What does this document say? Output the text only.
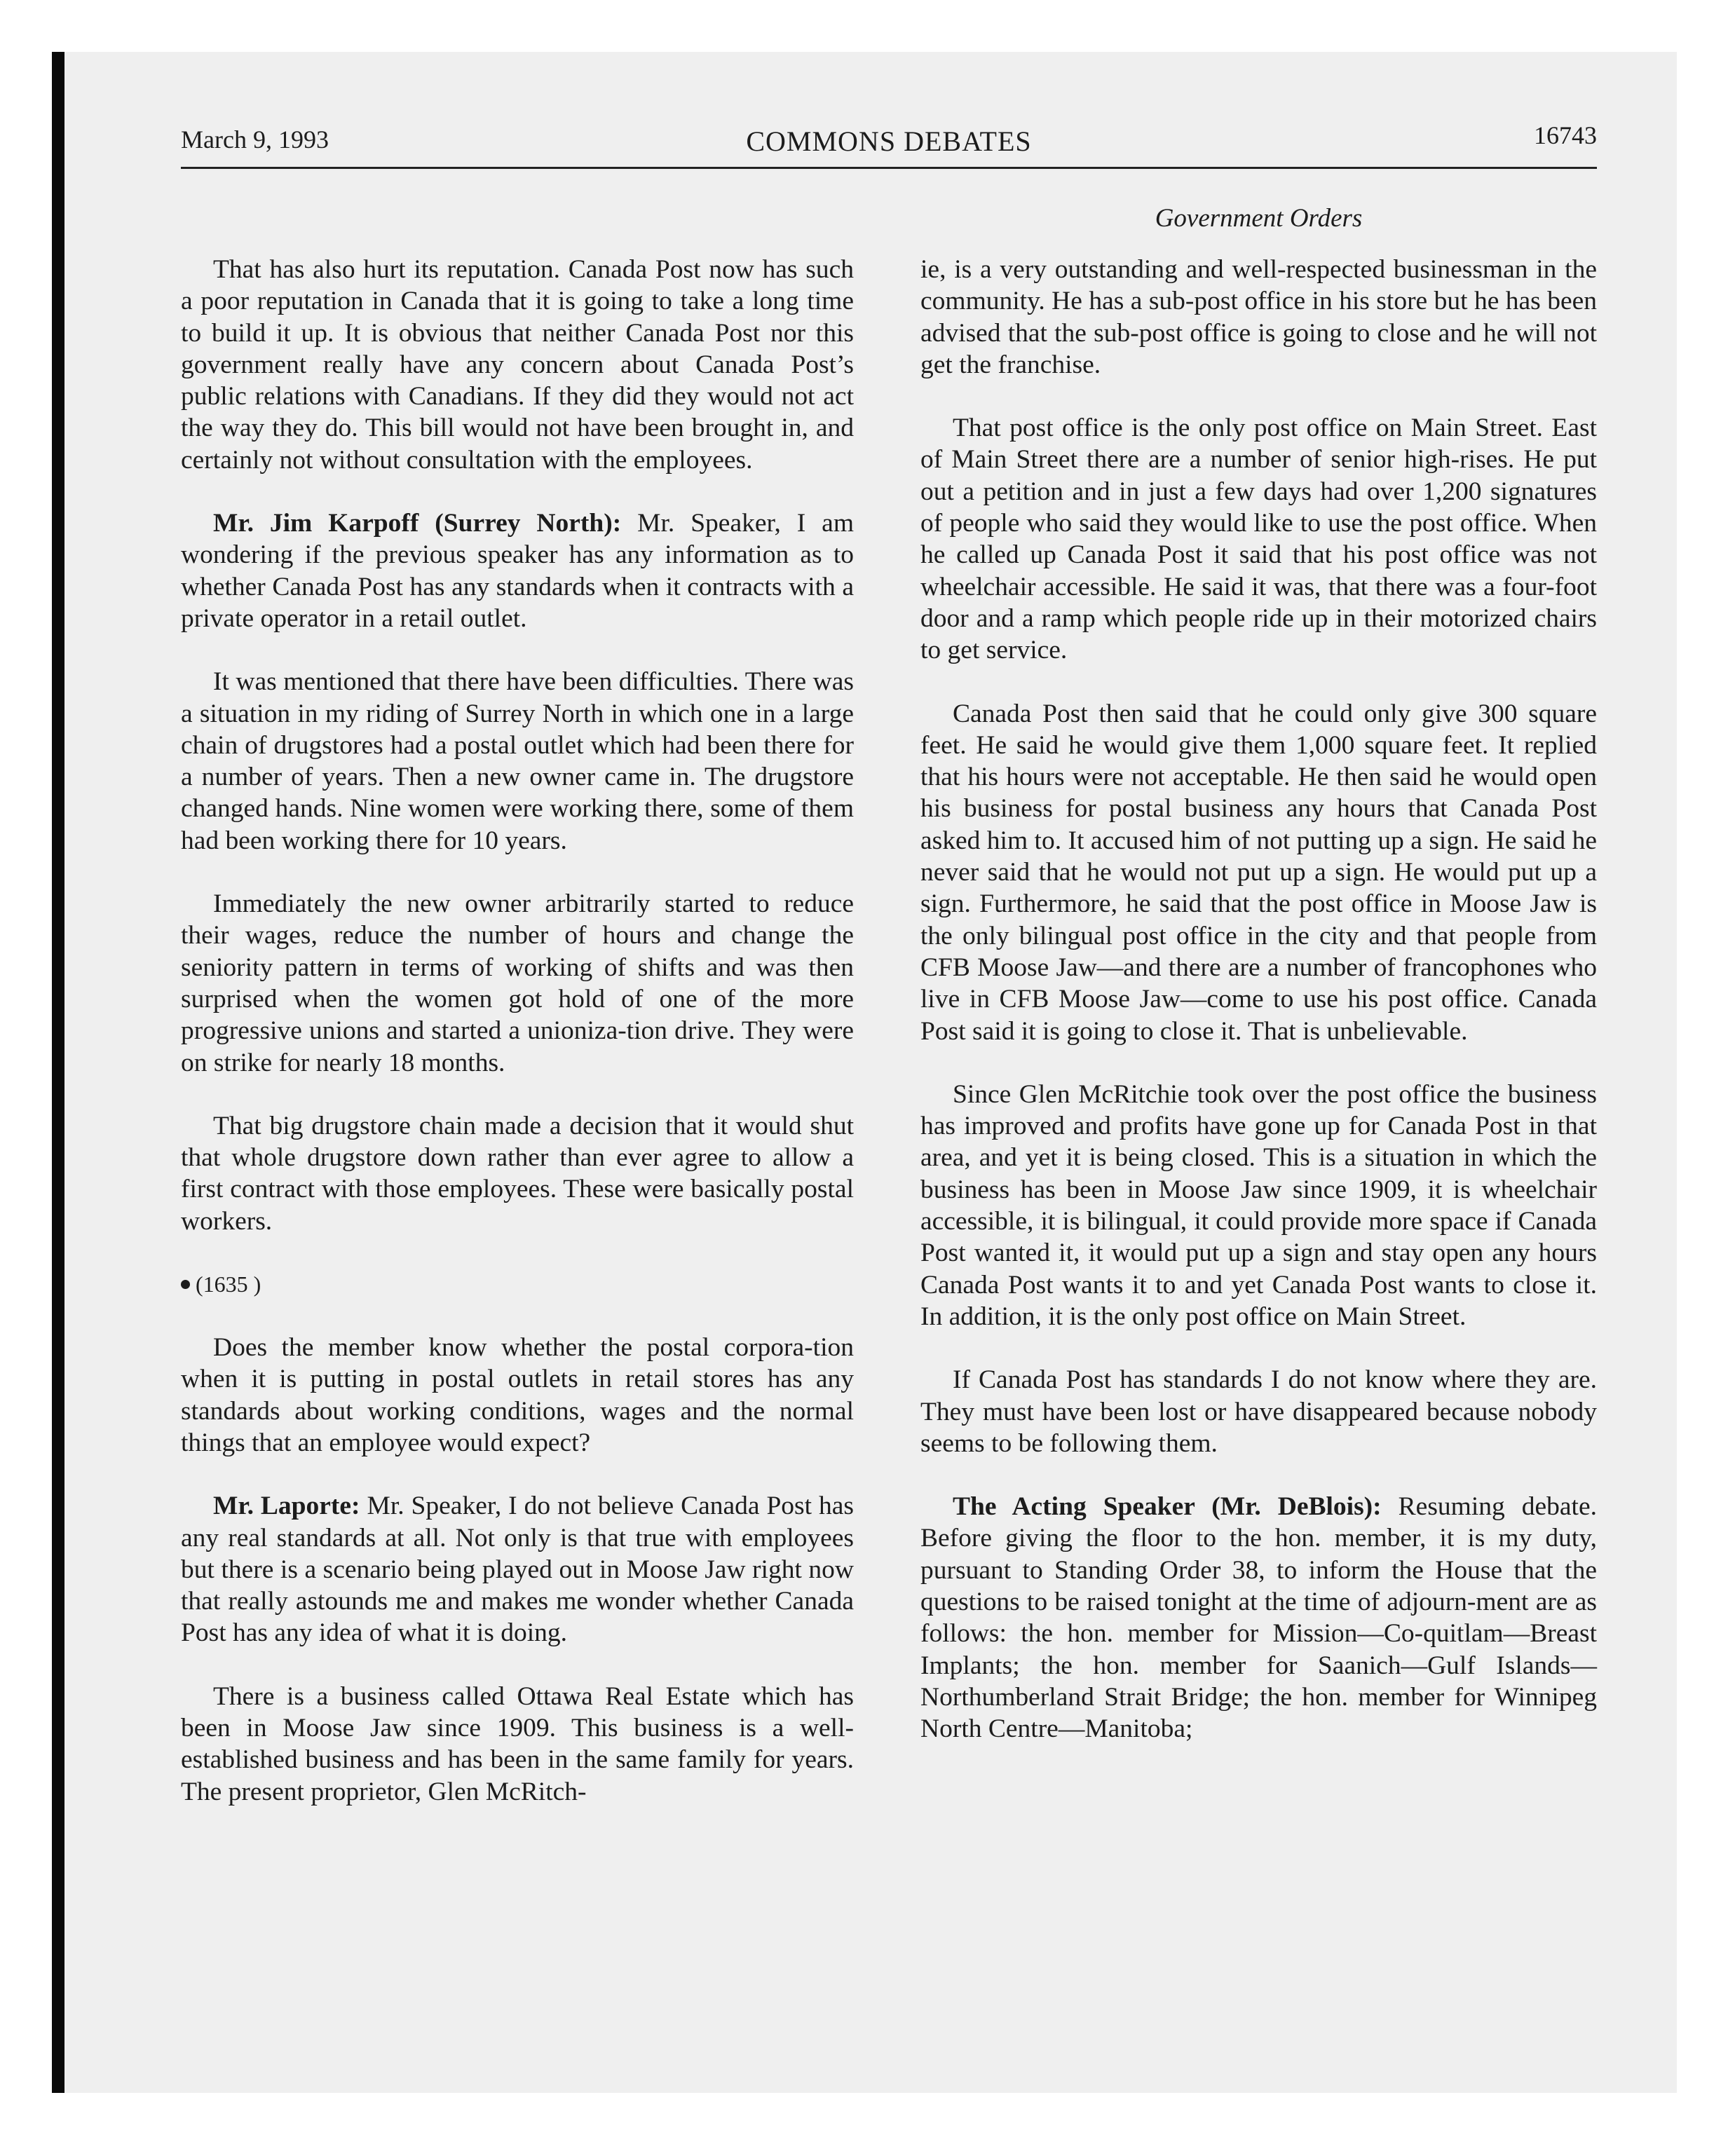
March 9, 1993	COMMONS DEBATES	16743
Government Orders

That has also hurt its reputation. Canada Post now has such a poor reputation in Canada that it is going to take a long time to build it up. It is obvious that neither Canada Post nor this government really have any concern about Canada Post’s public relations with Canadians. If they did they would not act the way they do. This bill would not have been brought in, and certainly not without consultation with the employees.

Mr. Jim Karpoff (Surrey North): Mr. Speaker, I am wondering if the previous speaker has any information as to whether Canada Post has any standards when it contracts with a private operator in a retail outlet.

It was mentioned that there have been difficulties. There was a situation in my riding of Surrey North in which one in a large chain of drugstores had a postal outlet which had been there for a number of years. Then a new owner came in. The drugstore changed hands. Nine women were working there, some of them had been working there for 10 years.

Immediately the new owner arbitrarily started to reduce their wages, reduce the number of hours and change the seniority pattern in terms of working of shifts and was then surprised when the women got hold of one of the more progressive unions and started a unioniza-tion drive. They were on strike for nearly 18 months.

That big drugstore chain made a decision that it would shut that whole drugstore down rather than ever agree to allow a first contract with those employees. These were basically postal workers.

(1635 )

Does the member know whether the postal corpora-tion when it is putting in postal outlets in retail stores has any standards about working conditions, wages and the normal things that an employee would expect?

Mr. Laporte: Mr. Speaker, I do not believe Canada Post has any real standards at all. Not only is that true with employees but there is a scenario being played out in Moose Jaw right now that really astounds me and makes me wonder whether Canada Post has any idea of what it is doing.

There is a business called Ottawa Real Estate which has been in Moose Jaw since 1909. This business is a well-established business and has been in the same family for years. The present proprietor, Glen McRitch-

ie, is a very outstanding and well-respected businessman in the community. He has a sub-post office in his store but he has been advised that the sub-post office is going to close and he will not get the franchise.

That post office is the only post office on Main Street. East of Main Street there are a number of senior high-rises. He put out a petition and in just a few days had over 1,200 signatures of people who said they would like to use the post office. When he called up Canada Post it said that his post office was not wheelchair accessible. He said it was, that there was a four-foot door and a ramp which people ride up in their motorized chairs to get service.

Canada Post then said that he could only give 300 square feet. He said he would give them 1,000 square feet. It replied that his hours were not acceptable. He then said he would open his business for postal business any hours that Canada Post asked him to. It accused him of not putting up a sign. He said he never said that he would not put up a sign. He would put up a sign. Furthermore, he said that the post office in Moose Jaw is the only bilingual post office in the city and that people from CFB Moose Jaw—and there are a number of francophones who live in CFB Moose Jaw—come to use his post office. Canada Post said it is going to close it. That is unbelievable.

Since Glen McRitchie took over the post office the business has improved and profits have gone up for Canada Post in that area, and yet it is being closed. This is a situation in which the business has been in Moose Jaw since 1909, it is wheelchair accessible, it is bilingual, it could provide more space if Canada Post wanted it, it would put up a sign and stay open any hours Canada Post wants it to and yet Canada Post wants to close it. In addition, it is the only post office on Main Street.

If Canada Post has standards I do not know where they are. They must have been lost or have disappeared because nobody seems to be following them.

The Acting Speaker (Mr. DeBlois): Resuming debate. Before giving the floor to the hon. member, it is my duty, pursuant to Standing Order 38, to inform the House that the questions to be raised tonight at the time of adjourn-ment are as follows: the hon. member for Mission—Co-quitlam—Breast Implants; the hon. member for Saanich—Gulf Islands—Northumberland Strait Bridge; the hon. member for Winnipeg North Centre—Manitoba;
